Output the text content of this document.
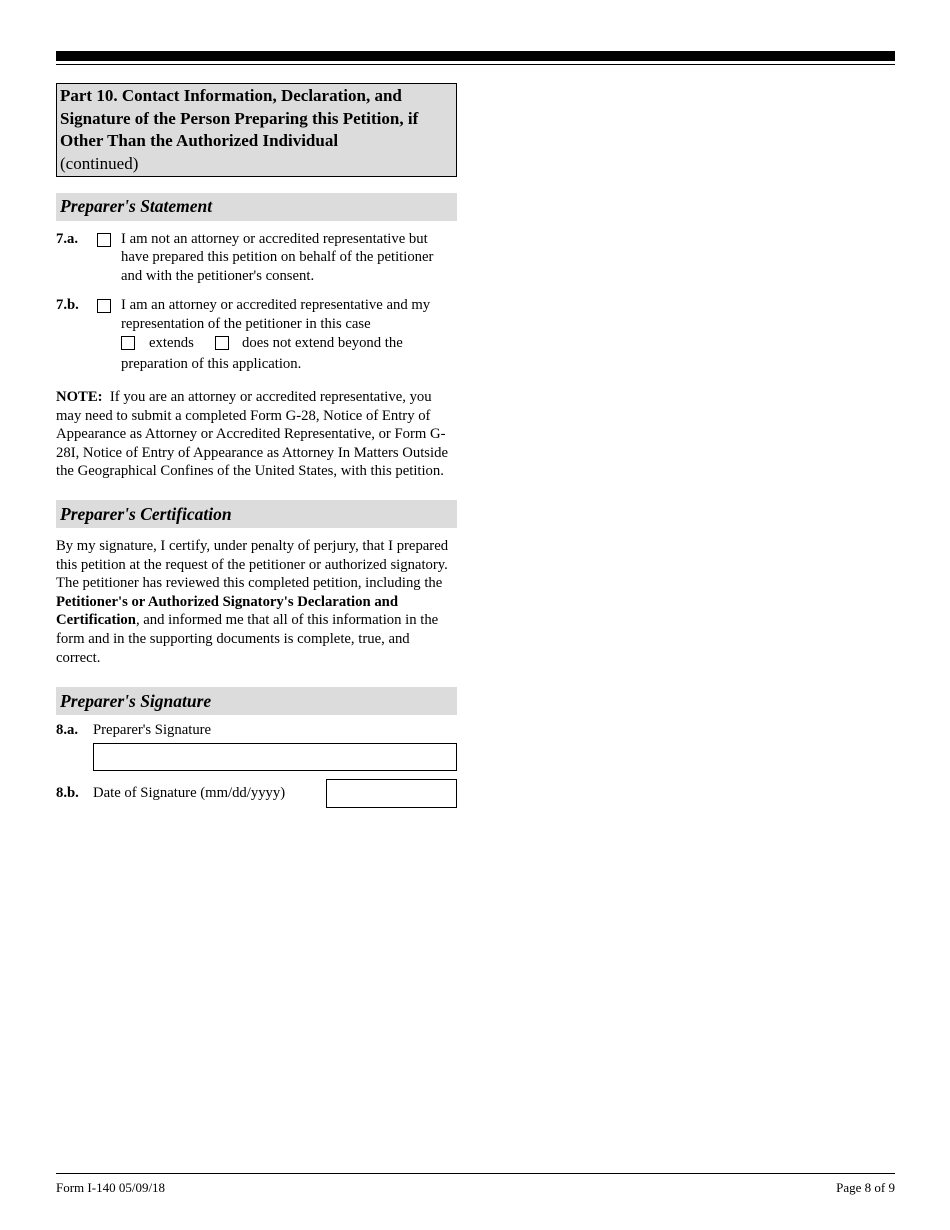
Part 10. Contact Information, Declaration, and Signature of the Person Preparing this Petition, if Other Than the Authorized Individual
(continued)
Preparer's Statement
7.a.	I am not an attorney or accredited representative but have prepared this petition on behalf of the petitioner and with the petitioner's consent.
7.b.	I am an attorney or accredited representative and my representation of the petitioner in this case
extends	does not extend beyond the
preparation of this application.

NOTE: If you are an attorney or accredited representative, you may need to submit a completed Form G-28, Notice of Entry of Appearance as Attorney or Accredited Representative, or Form G-28I, Notice of Entry of Appearance as Attorney In Matters Outside the Geographical Confines of the United States, with this petition.

Preparer's Certification

By my signature, I certify, under penalty of perjury, that I prepared this petition at the request of the petitioner or authorized signatory. The petitioner has reviewed this completed petition, including the Petitioner's or Authorized Signatory's Declaration and Certification, and informed me that all of this information in the form and in the supporting documents is complete, true, and correct.

Preparer's Signature
8.a. Preparer's Signature
8.b. Date of Signature (mm/dd/yyyy)
Form I-140 05/09/18	Page 8 of 9
